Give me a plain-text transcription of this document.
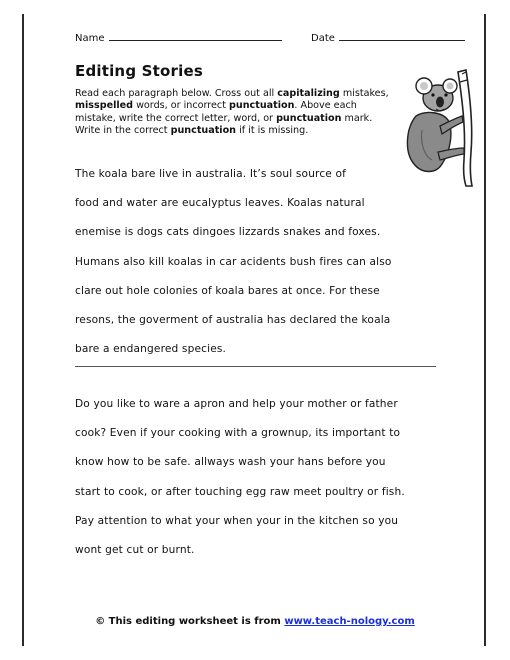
Name	Date
Editing Stories
Read each paragraph below. Cross out all capitalizing mistakes, misspelled words, or incorrect punctuation. Above each mistake, write the correct letter, word, or punctuation mark. Write in the correct punctuation if it is missing.
The koala bare live in australia. It’s soul source of
food and water are eucalyptus leaves. Koalas natural
enemise is dogs cats dingoes lizzards snakes and foxes.
Humans also kill koalas in car acidents bush fires can also
clare out hole colonies of koala bares at once. For these
resons, the goverment of australia has declared the koala
bare a endangered species.
Do you like to ware a apron and help your mother or father
cook? Even if your cooking with a grownup, its important to
know how to be safe. allways wash your hans before you
start to cook, or after touching egg raw meet poultry or fish.
Pay attention to what your when your in the kitchen so you
wont get cut or burnt.
© This editing worksheet is from www.teach-nology.com
